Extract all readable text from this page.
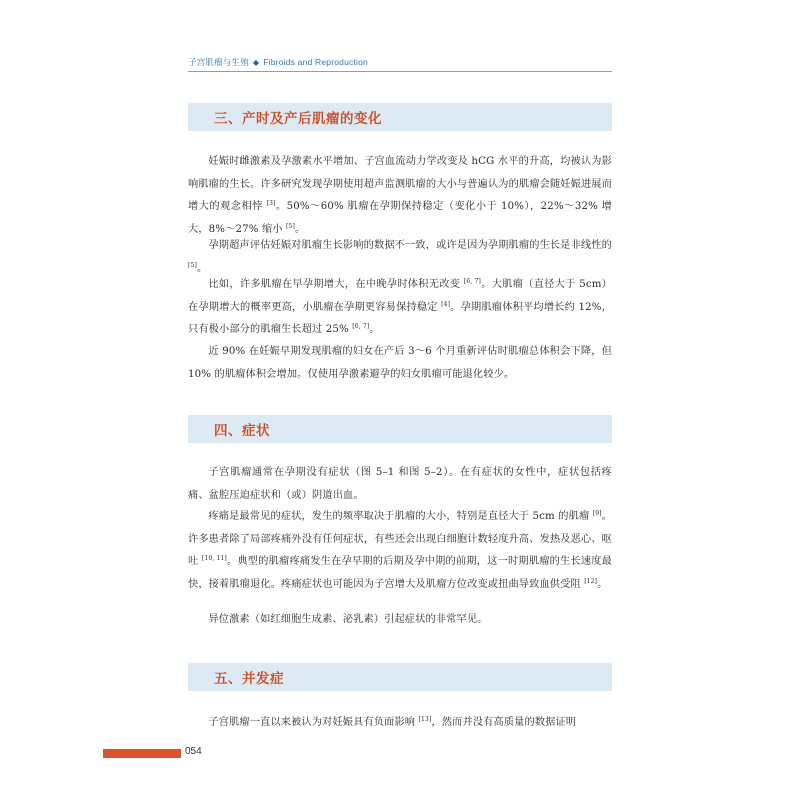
子宫肌瘤与生殖 ◆ Fibroids and Reproduction
三、产时及产后肌瘤的变化
妊娠时雌激素及孕激素水平增加、子宫血流动力学改变及 hCG 水平的升高，均被认为影响肌瘤的生长。许多研究发现孕期使用超声监测肌瘤的大小与普遍认为的肌瘤会随妊娠进展而增大的观念相悖 [3]。50%～60% 肌瘤在孕期保持稳定（变化小于 10%），22%～32% 增大，8%～27% 缩小 [5]。
孕期超声评估妊娠对肌瘤生长影响的数据不一致，或许是因为孕期肌瘤的生长是非线性的 [5]。
比如，许多肌瘤在早孕期增大，在中晚孕时体积无改变 [6, 7]。大肌瘤（直径大于 5cm）在孕期增大的概率更高，小肌瘤在孕期更容易保持稳定 [4]。孕期肌瘤体积平均增长约 12%，只有极小部分的肌瘤生长超过 25% [6, 7]。
近 90% 在妊娠早期发现肌瘤的妇女在产后 3～6 个月重新评估时肌瘤总体积会下降，但 10% 的肌瘤体积会增加。仅使用孕激素避孕的妇女肌瘤可能退化较少。
四、症状
子宫肌瘤通常在孕期没有症状（图 5–1 和图 5–2）。在有症状的女性中，症状包括疼痛、盆腔压迫症状和（或）阴道出血。
疼痛是最常见的症状，发生的频率取决于肌瘤的大小，特别是直径大于 5cm 的肌瘤 [9]。许多患者除了局部疼痛外没有任何症状，有些还会出现白细胞计数轻度升高、发热及恶心、呕吐 [10, 11]。典型的肌瘤疼痛发生在孕早期的后期及孕中期的前期，这一时期肌瘤的生长速度最快，接着肌瘤退化。疼痛症状也可能因为子宫增大及肌瘤方位改变或扭曲导致血供受阻 [12]。
异位激素（如红细胞生成素、泌乳素）引起症状的非常罕见。
五、并发症
子宫肌瘤一直以来被认为对妊娠具有负面影响 [13]，然而并没有高质量的数据证明
054
